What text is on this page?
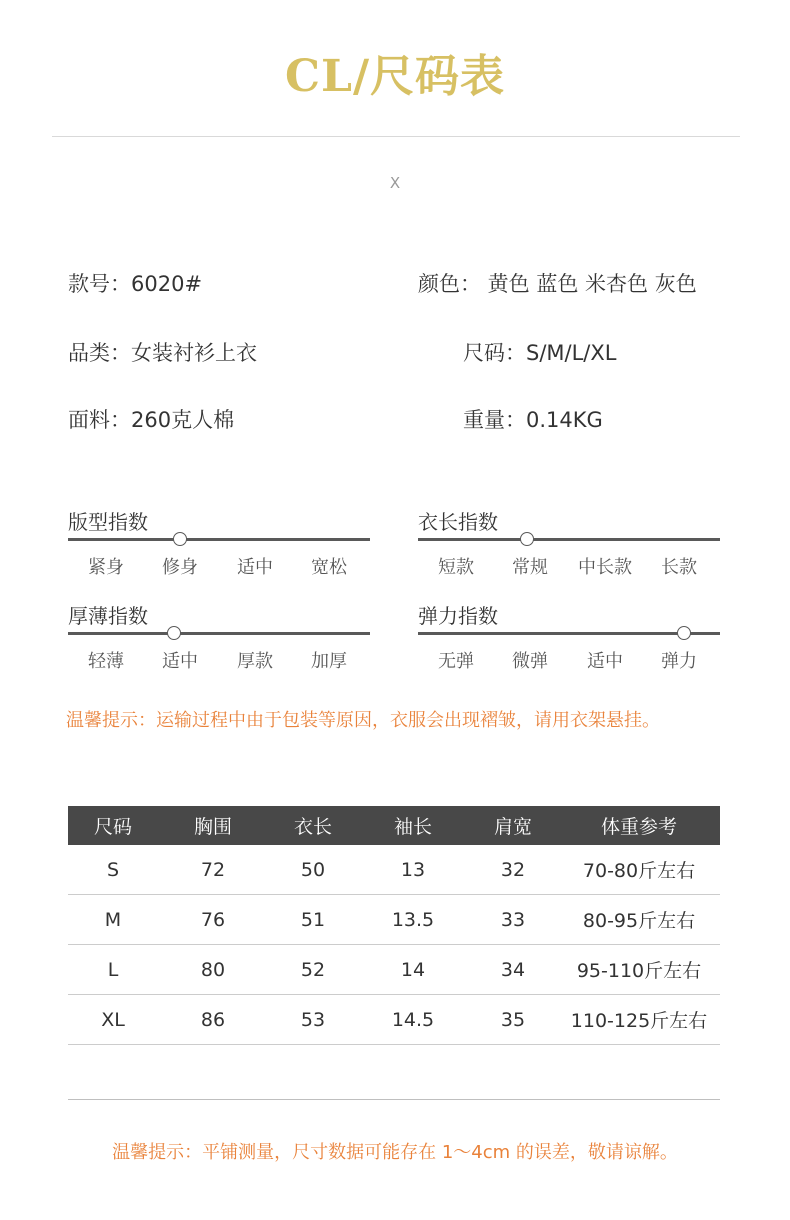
CL/尺码表
X
款号：6020#	颜色： 黄色 蓝色 米杏色 灰色
品类：女装衬衫上衣	尺码：S/M/L/XL
面料：260克人棉	重量：0.14KG
版型指数
紧身	修身	适中	宽松
衣长指数
短款	常规	中长款	长款
厚薄指数
轻薄	适中	厚款	加厚
弹力指数
无弹	微弹	适中	弹力
温馨提示：运输过程中由于包装等原因，衣服会出现褶皱，请用衣架悬挂。
尺码	胸围	衣长	袖长	肩宽	体重参考
S	72	50	13	32	70-80斤左右
M	76	51	13.5	33	80-95斤左右
L	80	52	14	34	95-110斤左右
XL	86	53	14.5	35	110-125斤左右
温馨提示：平铺测量，尺寸数据可能存在 1～4cm 的误差，敬请谅解。
